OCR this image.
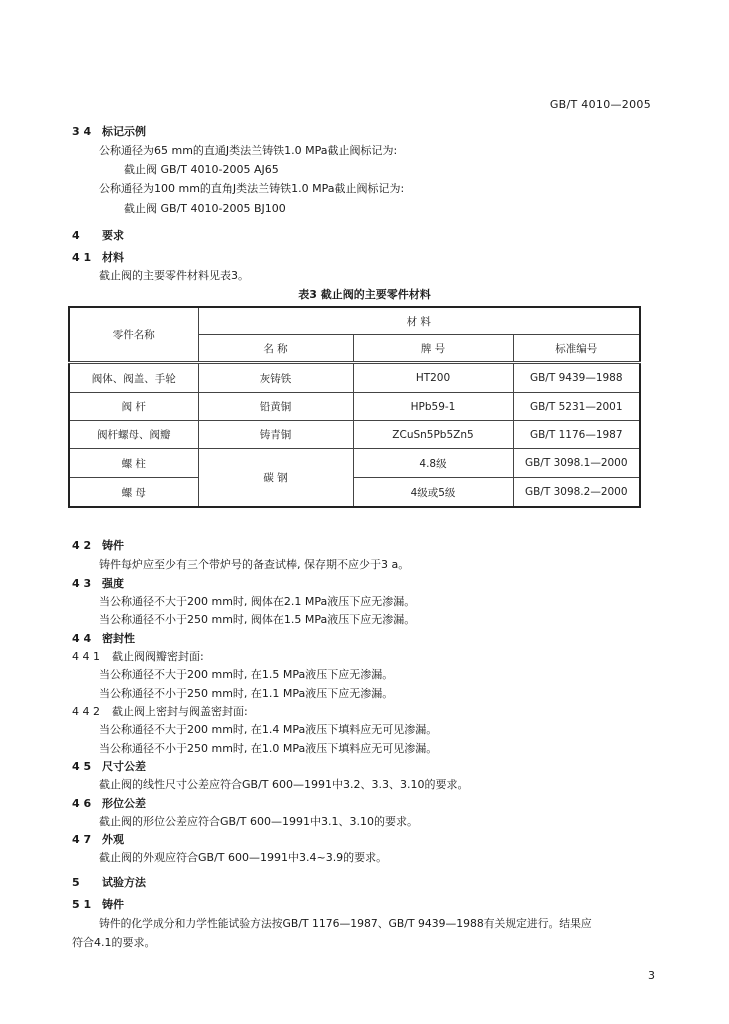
GB/T 4010—2005
3 4 标记示例
公称通径为65 mm的直通J类法兰铸铁1.0 MPa截止阀标记为:
截止阀 GB/T 4010-2005 AJ65
公称通径为100 mm的直角J类法兰铸铁1.0 MPa截止阀标记为:
截止阀 GB/T 4010-2005 BJ100
4 要求
4 1 材料
截止阀的主要零件材料见表3。
表3 截止阀的主要零件材料
零件名称	材 料		
	名 称	牌 号	标准编号
阀体、阀盖、手轮	灰铸铁	HT200	GB/T 9439—1988
阀 杆	铅黄铜	HPb59-1	GB/T 5231—2001
阀杆螺母、阀瓣	铸青铜	ZCuSn5Pb5Zn5	GB/T 1176—1987
螺 柱	碳 钢	4.8级	GB/T 3098.1—2000
螺 母		4级或5级	GB/T 3098.2—2000
4 2 铸件
铸件每炉应至少有三个带炉号的备查试棒, 保存期不应少于3 a。
4 3 强度
当公称通径不大于200 mm时, 阀体在2.1 MPa液压下应无渗漏。
当公称通径不小于250 mm时, 阀体在1.5 MPa液压下应无渗漏。
4 4 密封性
4 4 1 截止阀阀瓣密封面:
当公称通径不大于200 mm时, 在1.5 MPa液压下应无渗漏。
当公称通径不小于250 mm时, 在1.1 MPa液压下应无渗漏。
4 4 2 截止阀上密封与阀盖密封面:
当公称通径不大于200 mm时, 在1.4 MPa液压下填料应无可见渗漏。
当公称通径不小于250 mm时, 在1.0 MPa液压下填料应无可见渗漏。
4 5 尺寸公差
截止阀的线性尺寸公差应符合GB/T 600—1991中3.2、3.3、3.10的要求。
4 6 形位公差
截止阀的形位公差应符合GB/T 600—1991中3.1、3.10的要求。
4 7 外观
截止阀的外观应符合GB/T 600—1991中3.4~3.9的要求。
5 试验方法
5 1 铸件
铸件的化学成分和力学性能试验方法按GB/T 1176—1987、GB/T 9439—1988有关规定进行。结果应
符合4.1的要求。
3
